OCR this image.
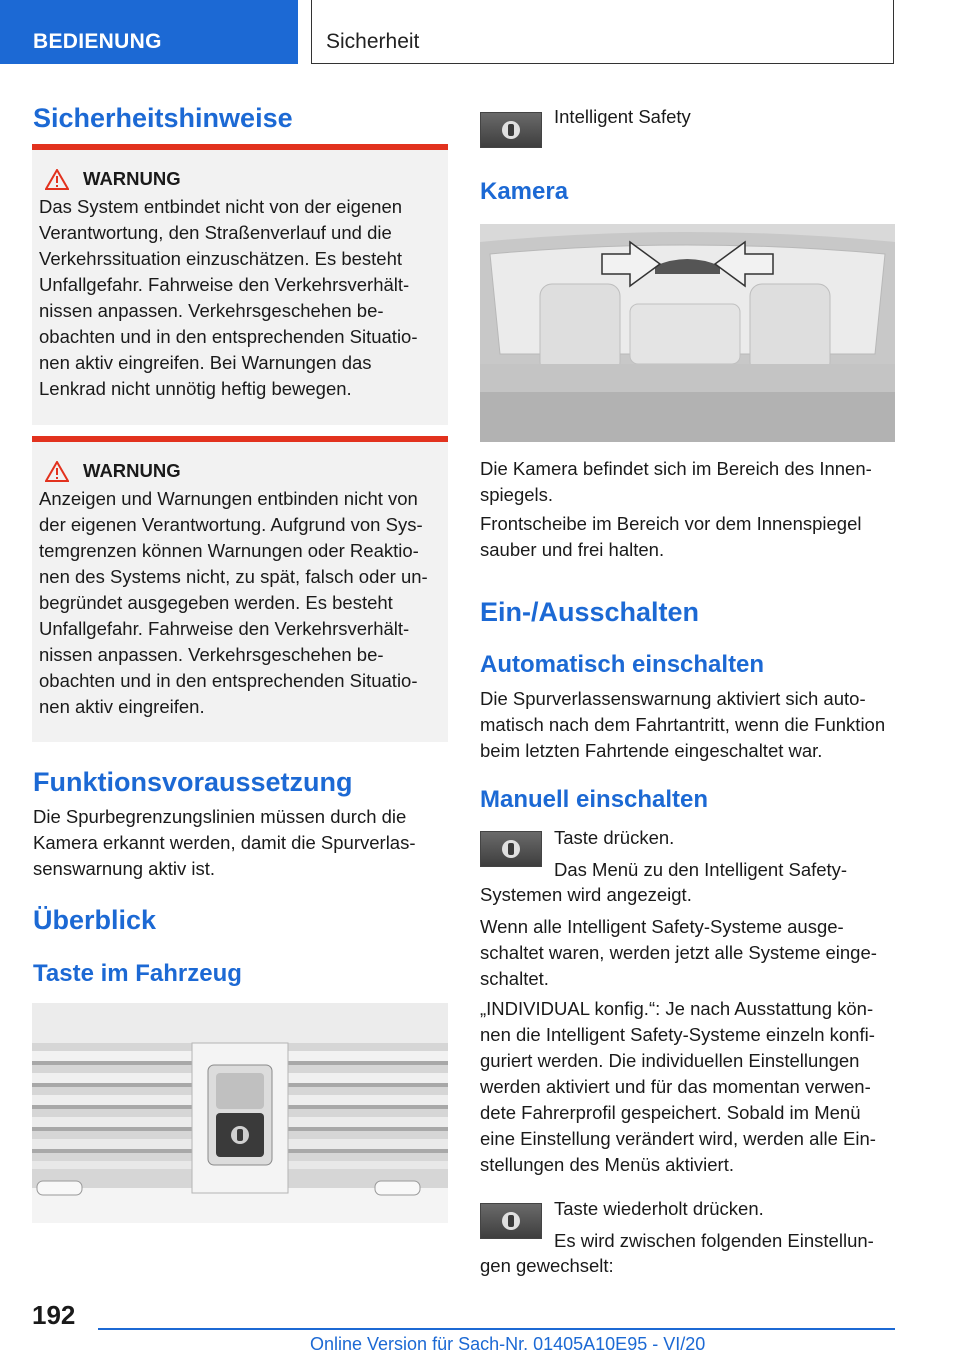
BEDIENUNG	Sicherheit
Sicherheitshinweise
WARNUNG

Das System entbindet nicht von der eigenen Verantwortung, den Straßenverlauf und die Verkehrssituation einzuschätzen. Es besteht Unfallgefahr. Fahrweise den Verkehrsverhältnissen anpassen. Verkehrsgeschehen beobachten und in den entsprechenden Situationen aktiv eingreifen. Bei Warnungen das Lenkrad nicht unnötig heftig bewegen.

WARNUNG

Anzeigen und Warnungen entbinden nicht von der eigenen Verantwortung. Aufgrund von Systemgrenzen können Warnungen oder Reaktionen des Systems nicht, zu spät, falsch oder unbegründet ausgegeben werden. Es besteht Unfallgefahr. Fahrweise den Verkehrsverhältnissen anpassen. Verkehrsgeschehen beobachten und in den entsprechenden Situationen aktiv eingreifen.

Funktionsvoraussetzung

Die Spurbegrenzungslinien müssen durch die Kamera erkannt werden, damit die Spurverlassenswarnung aktiv ist.

Überblick
Taste im Fahrzeug

Intelligent Safety

Kamera

Die Kamera befindet sich im Bereich des Innenspiegels.

Frontscheibe im Bereich vor dem Innenspiegel sauber und frei halten.

Ein-/Ausschalten
Automatisch einschalten

Die Spurverlassenswarnung aktiviert sich automatisch nach dem Fahrtantritt, wenn die Funktion beim letzten Fahrtende eingeschaltet war.

Manuell einschalten

Taste drücken.

Das Menü zu den Intelligent Safety-

Systemen wird angezeigt.

Wenn alle Intelligent Safety-Systeme ausgeschaltet waren, werden jetzt alle Systeme eingeschaltet.

„INDIVIDUAL konfig.“: Je nach Ausstattung können die Intelligent Safety-Systeme einzeln konfiguriert werden. Die individuellen Einstellungen werden aktiviert und für das momentan verwendete Fahrerprofil gespeichert. Sobald im Menü eine Einstellung verändert wird, werden alle Einstellungen des Menüs aktiviert.

Taste wiederholt drücken.

Es wird zwischen folgenden Einstellun-

gen gewechselt:

192
Online Version für Sach-Nr. 01405A10E95 - VI/20
